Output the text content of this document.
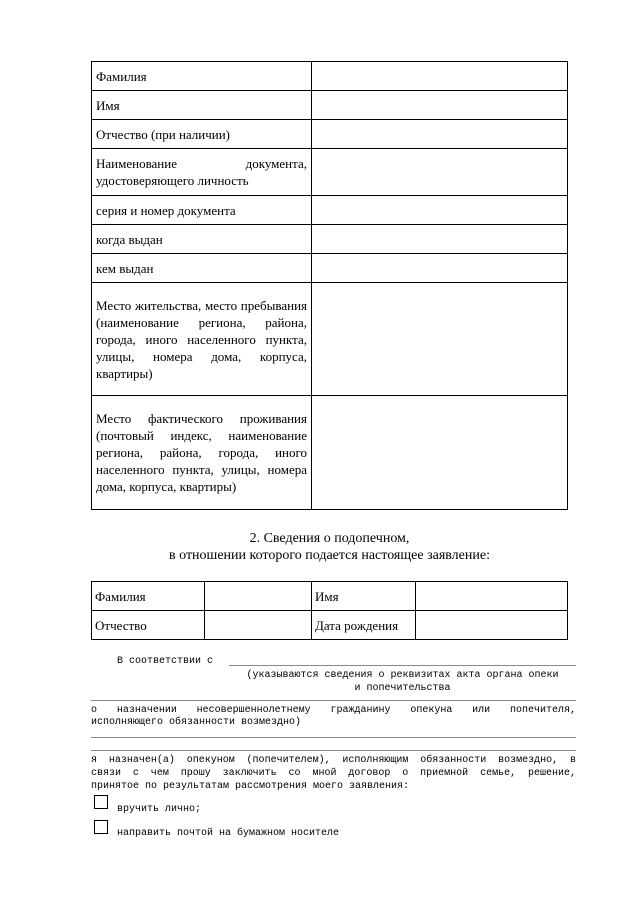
Фамилия	
Имя	
Отчество (при наличии)	
Наименование документа, удостоверяющего личность	
серия и номер документа	
когда выдан	
кем выдан	
Место жительства, место пребывания (наименование региона, района, города, иного населенного пункта, улицы, номера дома, корпуса, квартиры)	
Место фактического проживания (почтовый индекс, наименование региона, района, города, иного населенного пункта, улицы, номера дома, корпуса, квартиры)	
2. Сведения о подопечном,
в отношении которого подается настоящее заявление:
Фамилия		Имя	
Отчество		Дата рождения	
В соответствии с
(указываются сведения о реквизитах акта органа опеки
и попечительства
о назначении несовершеннолетнему гражданину опекуна или попечителя,
исполняющего обязанности возмездно)
я назначен(а) опекуном (попечителем), исполняющим обязанности возмездно, в
связи с чем прошу заключить со мной договор о приемной семье, решение,
принятое по результатам рассмотрения моего заявления:
вручить лично;
направить почтой на бумажном носителе
